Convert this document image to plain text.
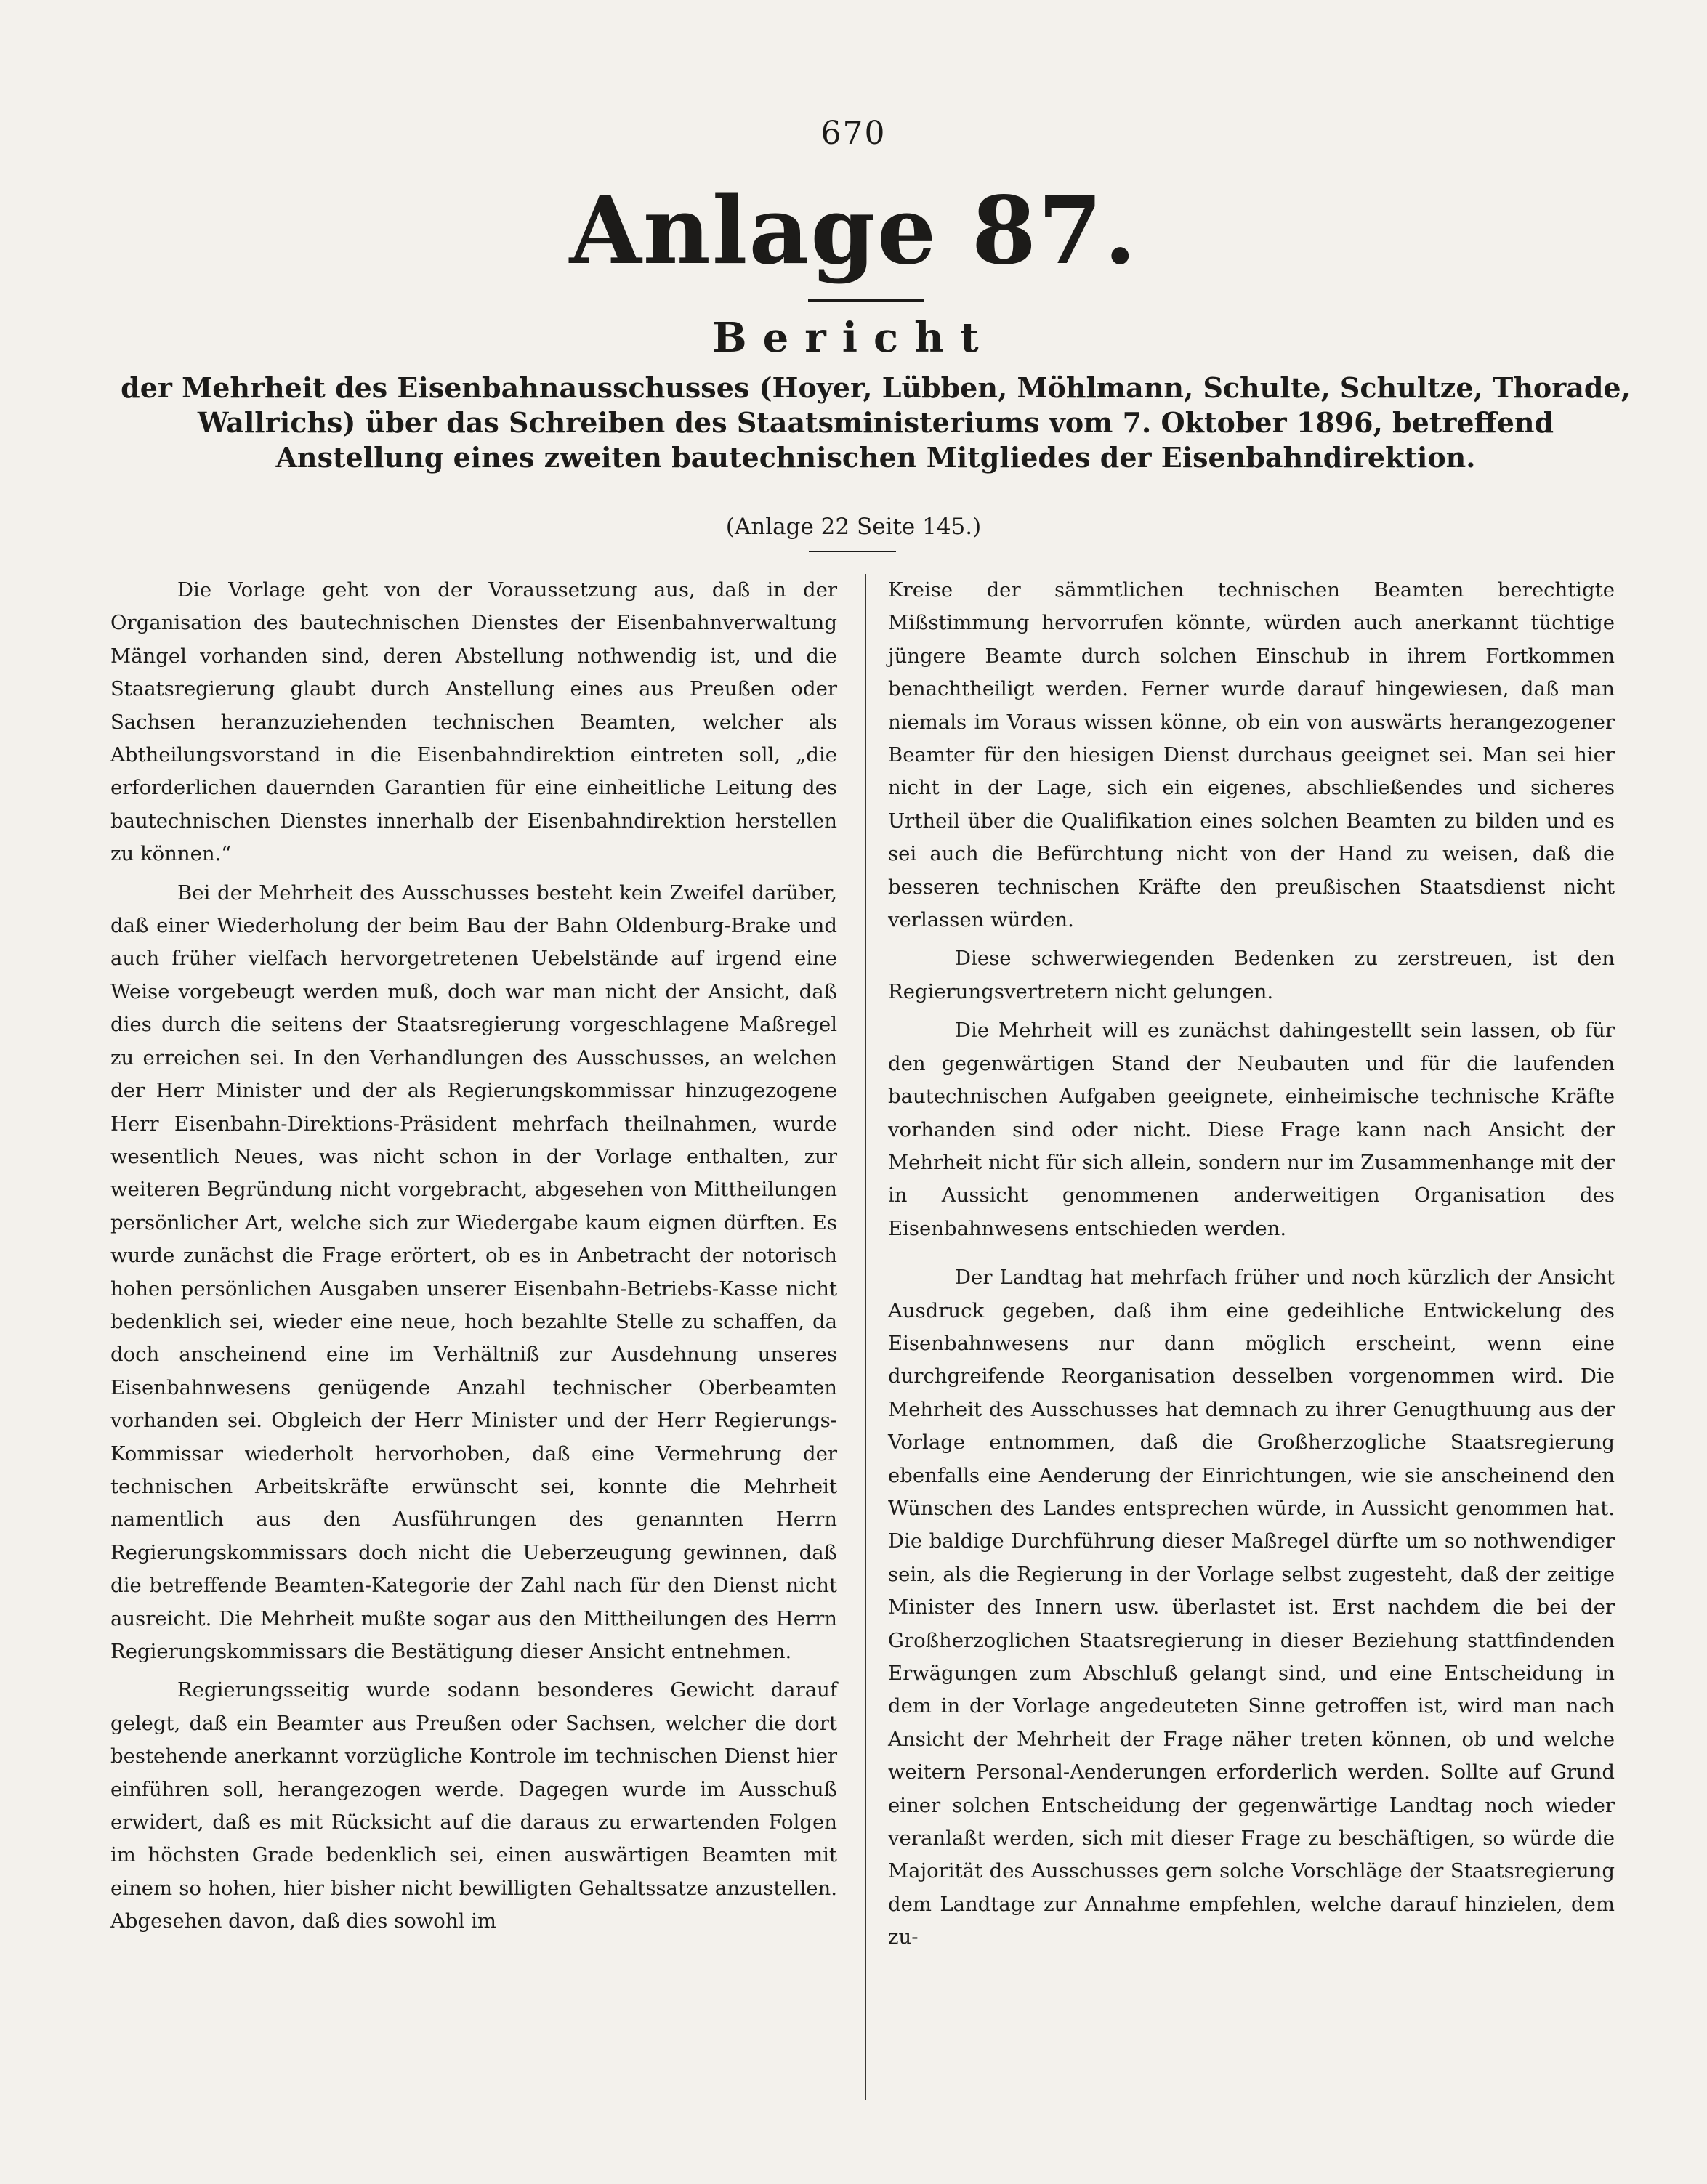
670
Anlage 87.
Bericht
der Mehrheit des Eisenbahnausschusses (Hoyer, Lübben, Möhlmann, Schulte, Schultze, Thorade, Wallrichs) über das Schreiben des Staatsministeriums vom 7. Oktober 1896, betreffend Anstellung eines zweiten bautechnischen Mitgliedes der Eisenbahndirektion.
(Anlage 22 Seite 145.)

Die Vorlage geht von der Voraussetzung aus, daß in der Organisation des bautechnischen Dienstes der Eisenbahnverwaltung Mängel vorhanden sind, deren Abstellung nothwendig ist, und die Staatsregierung glaubt durch Anstellung eines aus Preußen oder Sachsen heranzuziehenden technischen Beamten, welcher als Abtheilungsvorstand in die Eisenbahndirektion eintreten soll, „die erforderlichen dauernden Garantien für eine einheitliche Leitung des bautechnischen Dienstes innerhalb der Eisenbahndirektion herstellen zu können.“

Bei der Mehrheit des Ausschusses besteht kein Zweifel darüber, daß einer Wiederholung der beim Bau der Bahn Oldenburg-Brake und auch früher vielfach hervorgetretenen Uebelstände auf irgend eine Weise vorgebeugt werden muß, doch war man nicht der Ansicht, daß dies durch die seitens der Staatsregierung vorgeschlagene Maßregel zu erreichen sei. In den Verhandlungen des Ausschusses, an welchen der Herr Minister und der als Regierungskommissar hinzugezogene Herr Eisenbahn-Direktions-Präsident mehrfach theilnahmen, wurde wesentlich Neues, was nicht schon in der Vorlage enthalten, zur weiteren Begründung nicht vorgebracht, abgesehen von Mittheilungen persönlicher Art, welche sich zur Wiedergabe kaum eignen dürften. Es wurde zunächst die Frage erörtert, ob es in Anbetracht der notorisch hohen persönlichen Ausgaben unserer Eisenbahn-Betriebs-Kasse nicht bedenklich sei, wieder eine neue, hoch bezahlte Stelle zu schaffen, da doch anscheinend eine im Verhältniß zur Ausdehnung unseres Eisenbahnwesens genügende Anzahl technischer Oberbeamten vorhanden sei. Obgleich der Herr Minister und der Herr Regierungs-Kommissar wiederholt hervorhoben, daß eine Vermehrung der technischen Arbeitskräfte erwünscht sei, konnte die Mehrheit namentlich aus den Ausführungen des genannten Herrn Regierungskommissars doch nicht die Ueberzeugung gewinnen, daß die betreffende Beamten-Kategorie der Zahl nach für den Dienst nicht ausreicht. Die Mehrheit mußte sogar aus den Mittheilungen des Herrn Regierungskommissars die Bestätigung dieser Ansicht entnehmen.

Regierungsseitig wurde sodann besonderes Gewicht darauf gelegt, daß ein Beamter aus Preußen oder Sachsen, welcher die dort bestehende anerkannt vorzügliche Kontrole im technischen Dienst hier einführen soll, herangezogen werde. Dagegen wurde im Ausschuß erwidert, daß es mit Rücksicht auf die daraus zu erwartenden Folgen im höchsten Grade bedenklich sei, einen auswärtigen Beamten mit einem so hohen, hier bisher nicht bewilligten Gehaltssatze anzustellen. Abgesehen davon, daß dies sowohl im

Kreise der sämmtlichen technischen Beamten berechtigte Mißstimmung hervorrufen könnte, würden auch anerkannt tüchtige jüngere Beamte durch solchen Einschub in ihrem Fortkommen benachtheiligt werden. Ferner wurde darauf hingewiesen, daß man niemals im Voraus wissen könne, ob ein von auswärts herangezogener Beamter für den hiesigen Dienst durchaus geeignet sei. Man sei hier nicht in der Lage, sich ein eigenes, abschließendes und sicheres Urtheil über die Qualifikation eines solchen Beamten zu bilden und es sei auch die Befürchtung nicht von der Hand zu weisen, daß die besseren technischen Kräfte den preußischen Staatsdienst nicht verlassen würden.

Diese schwerwiegenden Bedenken zu zerstreuen, ist den Regierungsvertretern nicht gelungen.

Die Mehrheit will es zunächst dahingestellt sein lassen, ob für den gegenwärtigen Stand der Neubauten und für die laufenden bautechnischen Aufgaben geeignete, einheimische technische Kräfte vorhanden sind oder nicht. Diese Frage kann nach Ansicht der Mehrheit nicht für sich allein, sondern nur im Zusammenhange mit der in Aussicht genommenen anderweitigen Organisation des Eisenbahnwesens entschieden werden.

Der Landtag hat mehrfach früher und noch kürzlich der Ansicht Ausdruck gegeben, daß ihm eine gedeihliche Entwickelung des Eisenbahnwesens nur dann möglich erscheint, wenn eine durchgreifende Reorganisation desselben vorgenommen wird. Die Mehrheit des Ausschusses hat demnach zu ihrer Genugthuung aus der Vorlage entnommen, daß die Großherzogliche Staatsregierung ebenfalls eine Aenderung der Einrichtungen, wie sie anscheinend den Wünschen des Landes entsprechen würde, in Aussicht genommen hat. Die baldige Durchführung dieser Maßregel dürfte um so nothwendiger sein, als die Regierung in der Vorlage selbst zugesteht, daß der zeitige Minister des Innern usw. überlastet ist. Erst nachdem die bei der Großherzoglichen Staatsregierung in dieser Beziehung stattfindenden Erwägungen zum Abschluß gelangt sind, und eine Entscheidung in dem in der Vorlage angedeuteten Sinne getroffen ist, wird man nach Ansicht der Mehrheit der Frage näher treten können, ob und welche weitern Personal-Aenderungen erforderlich werden. Sollte auf Grund einer solchen Entscheidung der gegenwärtige Landtag noch wieder veranlaßt werden, sich mit dieser Frage zu beschäftigen, so würde die Majorität des Ausschusses gern solche Vorschläge der Staatsregierung dem Landtage zur Annahme empfehlen, welche darauf hinzielen, dem zu-
